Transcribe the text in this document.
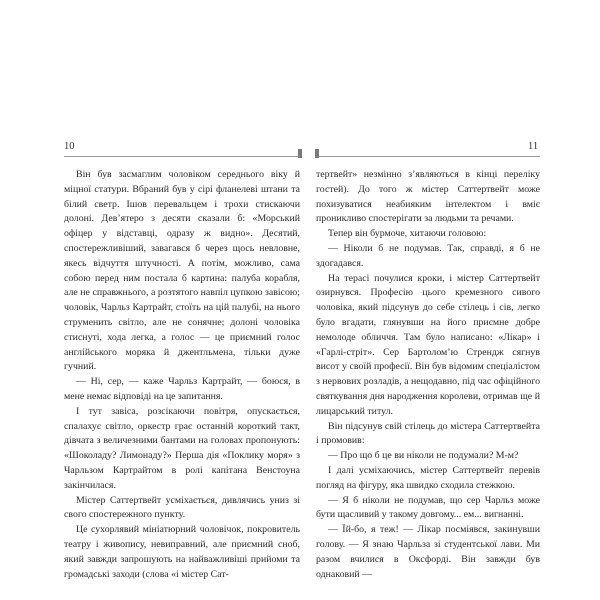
10	11

Він був засмаглим чоловіком середнього віку й міцної статури. Вбраний був у сірі фланелеві штани та білий светр. Ішов перевальцем і трохи стискаючи долоні. Дев’ятеро з десяти сказали б: «Морський офіцер у відставці, одразу ж видно». Десятий, спостережливіший, завагався б через щось невловне, якесь відчуття штучності. А потім, можливо, сама собою перед ним постала б картина: палуба корабля, але не справжнього, а розтятого навпіл цупкою завісою; чоловік, Чарльз Картрайт, стоїть на цій палубі, на нього струменить світло, але не сонячне; долоні чоловіка стиснуті, хода легка, а голос — це приємний голос англійського моряка й джентльмена, тільки дуже гучний.

— Ні, сер, — каже Чарльз Картрайт, — боюся, в мене немає відповіді на це запитання.

І тут завіса, розсікаючи повітря, опускається, спалахує світло, оркестр грає останній короткий такт, дівчата з величезними бантами на головах пропонують: «Шоколаду? Лимонаду?» Перша дія «Поклику моря» з Чарльзом Картрайтом в ролі капітана Венстоуна закінчилася.

Містер Саттертвейт усміхається, дивлячись униз зі свого спостережного пункту.

Це сухорлявий мініатюрний чоловічок, покровитель театру і живопису, невиправний, але приємний сноб, який завжди запрошують на найважливіші прийоми та громадські заходи (слова «і містер Сат-

тертвейт» незмінно з’являються в кінці переліку гостей). До того ж містер Саттертвейт може похизуватися неабияким інтелектом і вміє проникливо спостерігати за людьми та речами.

Тепер він бурмоче, хитаючи головою:

— Ніколи б не подумав. Так, справді, я б не здогадався.

На терасі почулися кроки, і містер Саттертвейт озирнувся. Професію цього кремезного сивого чоловіка, який підсунув до себе стілець і сів, легко було вгадати, глянувши на його приємне добре немолоде обличчя. Там було написано: «Лікар» і «Гарлі-стріт». Сер Бартоломʼю Стрендж сягнув висот у своїй професії. Він був відомим спеціалістом з нервових розладів, а нещодавно, під час офіційного святкування дня народження королеви, отримав ще й лицарський титул.

Він підсунув свій стілець до містера Саттертвейта і промовив:

— Про що б це ви ніколи не подумали? М-м?

І далі усміхаючись, містер Саттертвейт перевів погляд на фігуру, яка швидко сходила стежкою.

— Я б ніколи не подумав, що сер Чарльз може бути щасливий у такому довгому... ем... вигнанні.

— Їй-бо, я теж! — Лікар посміявся, закинувши голову. — Я знаю Чарльза зі студентської лави. Ми разом вчилися в Оксфорді. Він завжди був однаковий —
